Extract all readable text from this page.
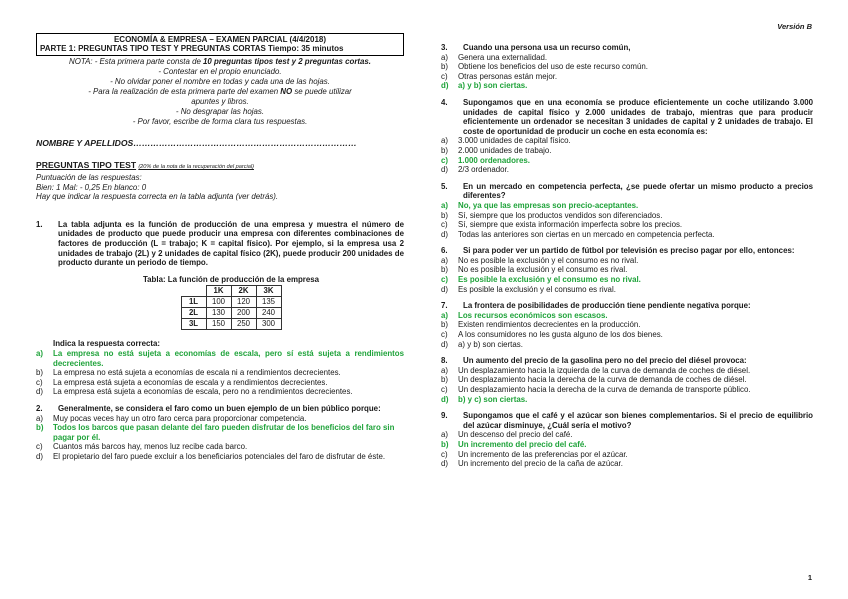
Versión B
ECONOMÍA & EMPRESA – EXAMEN PARCIAL (4/4/2018)
PARTE 1: PREGUNTAS TIPO TEST Y PREGUNTAS CORTAS Tiempo: 35 minutos
NOTA: - Esta primera parte consta de 10 preguntas tipos test y 2 preguntas cortas.
- Contestar en el propio enunciado.
- No olvidar poner el nombre en todas y cada una de las hojas.
- Para la realización de esta primera parte del examen NO se puede utilizar
apuntes y libros.
- No desgrapar las hojas.
- Por favor, escribe de forma clara tus respuestas.
NOMBRE Y APELLIDOS……………………………………………………………………
PREGUNTAS TIPO TEST (20% de la nota de la recuperación del parcial)
Puntuación de las respuestas:
Bien: 1 Mal: - 0,25 En blanco: 0
Hay que indicar la respuesta correcta en la tabla adjunta (ver detrás).
1. La tabla adjunta es la función de producción de una empresa y muestra el número de unidades de producto que puede producir una empresa con diferentes combinaciones de factores de producción (L = trabajo; K = capital físico). Por ejemplo, si la empresa usa 2 unidades de trabajo (2L) y 2 unidades de capital físico (2K), puede producir 200 unidades de producto durante un periodo de tiempo.
Tabla: La función de producción de la empresa
	1K	2K	3K
1L	100	120	135
2L	130	200	240
3L	150	250	300
Indica la respuesta correcta:
a) La empresa no está sujeta a economías de escala, pero sí está sujeta a rendimientos decrecientes.
b) La empresa no está sujeta a economías de escala ni a rendimientos decrecientes.
c) La empresa está sujeta a economías de escala y a rendimientos decrecientes.
d) La empresa está sujeta a economías de escala, pero no a rendimientos decrecientes.
2. Generalmente, se considera el faro como un buen ejemplo de un bien público porque:
a) Muy pocas veces hay un otro faro cerca para proporcionar competencia.
b) Todos los barcos que pasan delante del faro pueden disfrutar de los beneficios del faro sin pagar por él.
c) Cuantos más barcos hay, menos luz recibe cada barco.
d) El propietario del faro puede excluir a los beneficiarios potenciales del faro de disfrutar de éste.
3. Cuando una persona usa un recurso común,
a) Genera una externalidad.
b) Obtiene los beneficios del uso de este recurso común.
c) Otras personas están mejor.
d) a) y b) son ciertas.
4. Supongamos que en una economía se produce eficientemente un coche utilizando 3.000 unidades de capital físico y 2.000 unidades de trabajo, mientras que para producir eficientemente un ordenador se necesitan 3 unidades de capital y 2 unidades de trabajo. El coste de oportunidad de producir un coche en esta economía es:
a) 3.000 unidades de capital físico.
b) 2.000 unidades de trabajo.
c) 1.000 ordenadores.
d) 2/3 ordenador.
5. En un mercado en competencia perfecta, ¿se puede ofertar un mismo producto a precios diferentes?
a) No, ya que las empresas son precio-aceptantes.
b) Sí, siempre que los productos vendidos son diferenciados.
c) Sí, siempre que exista información imperfecta sobre los precios.
d) Todas las anteriores son ciertas en un mercado en competencia perfecta.
6. Si para poder ver un partido de fútbol por televisión es preciso pagar por ello, entonces:
a) No es posible la exclusión y el consumo es no rival.
b) No es posible la exclusión y el consumo es rival.
c) Es posible la exclusión y el consumo es no rival.
d) Es posible la exclusión y el consumo es rival.
7. La frontera de posibilidades de producción tiene pendiente negativa porque:
a) Los recursos económicos son escasos.
b) Existen rendimientos decrecientes en la producción.
c) A los consumidores no les gusta alguno de los dos bienes.
d) a) y b) son ciertas.
8. Un aumento del precio de la gasolina pero no del precio del diésel provoca:
a) Un desplazamiento hacia la izquierda de la curva de demanda de coches de diésel.
b) Un desplazamiento hacia la derecha de la curva de demanda de coches de diésel.
c) Un desplazamiento hacia la derecha de la curva de demanda de transporte público.
d) b) y c) son ciertas.
9. Supongamos que el café y el azúcar son bienes complementarios. Si el precio de equilibrio del azúcar disminuye, ¿Cuál sería el motivo?
a) Un descenso del precio del café.
b) Un incremento del precio del café.
c) Un incremento de las preferencias por el azúcar.
d) Un incremento del precio de la caña de azúcar.
1
